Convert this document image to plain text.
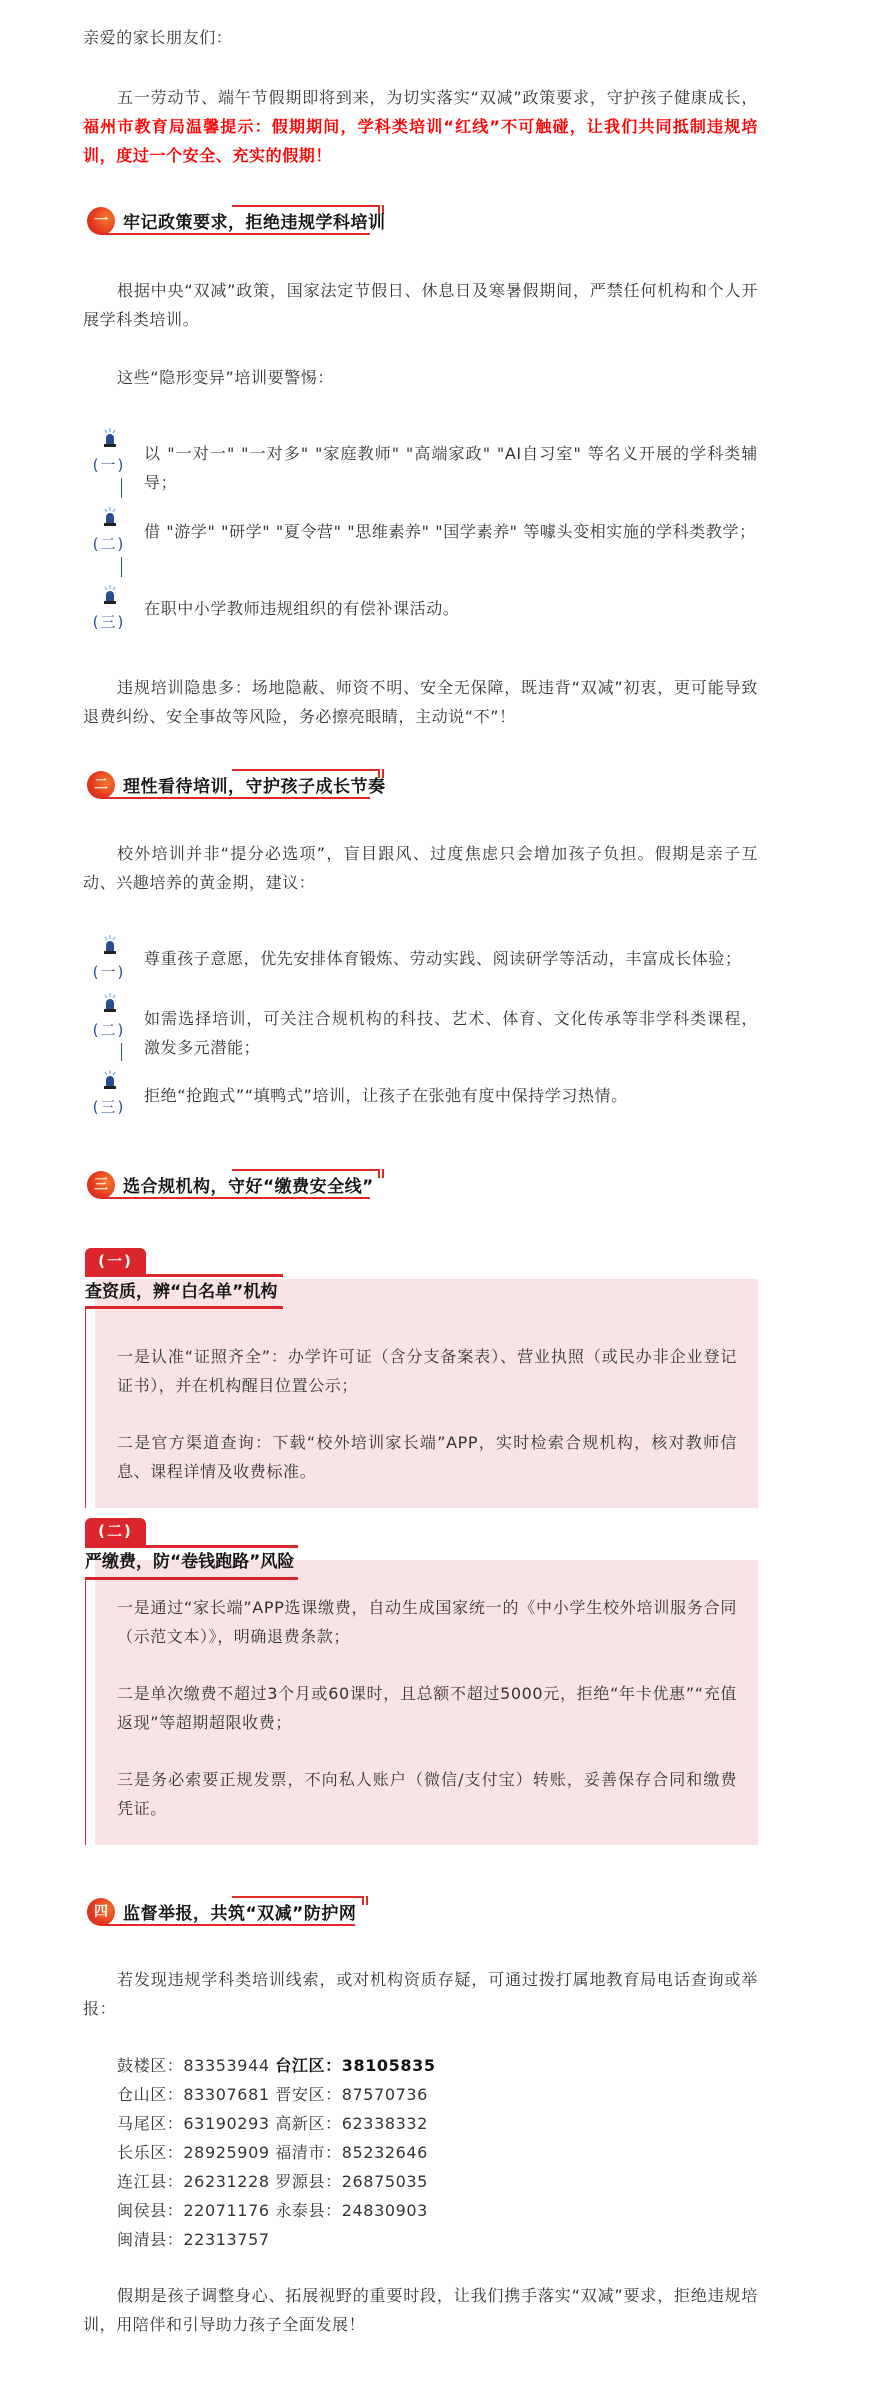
亲爱的家长朋友们：

五一劳动节、端午节假期即将到来，为切实落实“双减”政策要求，守护孩子健康成长，福州市教育局温馨提示：假期期间，学科类培训“红线”不可触碰，让我们共同抵制违规培训，度过一个安全、充实的假期！

一 牢记政策要求，拒绝违规学科培训

根据中央“双减”政策，国家法定节假日、休息日及寒暑假期间，严禁任何机构和个人开展学科类培训。

这些“隐形变异”培训要警惕：

(一)
以 "一对一" "一对多" "家庭教师" "高端家政" "AI自习室" 等名义开展的学科类辅导；
(二)
借 "游学" "研学" "夏令营" "思维素养" "国学素养" 等噱头变相实施的学科类教学；
(三)
在职中小学教师违规组织的有偿补课活动。

违规培训隐患多：场地隐蔽、师资不明、安全无保障，既违背“双减”初衷，更可能导致退费纠纷、安全事故等风险，务必擦亮眼睛，主动说“不”！

二 理性看待培训，守护孩子成长节奏

校外培训并非“提分必选项”，盲目跟风、过度焦虑只会增加孩子负担。假期是亲子互动、兴趣培养的黄金期，建议：

(一)
尊重孩子意愿，优先安排体育锻炼、劳动实践、阅读研学等活动，丰富成长体验；
(二)
如需选择培训，可关注合规机构的科技、艺术、体育、文化传承等非学科类课程，激发多元潜能；
(三)
拒绝“抢跑式”“填鸭式”培训，让孩子在张弛有度中保持学习热情。
三 选合规机构，守好“缴费安全线”
(一)
查资质，辨“白名单”机构

一是认准“证照齐全”：办学许可证（含分支备案表）、营业执照（或民办非企业登记证书），并在机构醒目位置公示；

二是官方渠道查询：下载“校外培训家长端”APP，实时检索合规机构，核对教师信息、课程详情及收费标准。

(二)
严缴费，防“卷钱跑路”风险

一是通过“家长端”APP选课缴费，自动生成国家统一的《中小学生校外培训服务合同（示范文本）》，明确退费条款；

二是单次缴费不超过3个月或60课时，且总额不超过5000元，拒绝“年卡优惠”“充值返现”等超期超限收费；

三是务必索要正规发票，不向私人账户（微信/支付宝）转账，妥善保存合同和缴费凭证。

四 监督举报，共筑“双减”防护网

若发现违规学科类培训线索，或对机构资质存疑，可通过拨打属地教育局电话查询或举报：

鼓楼区：83353944 台江区：38105835
仓山区：83307681 晋安区：87570736
马尾区：63190293 高新区：62338332
长乐区：28925909 福清市：85232646
连江县：26231228 罗源县：26875035
闽侯县：22071176 永泰县：24830903
闽清县：22313757

假期是孩子调整身心、拓展视野的重要时段，让我们携手落实“双减”要求，拒绝违规培训，用陪伴和引导助力孩子全面发展！
